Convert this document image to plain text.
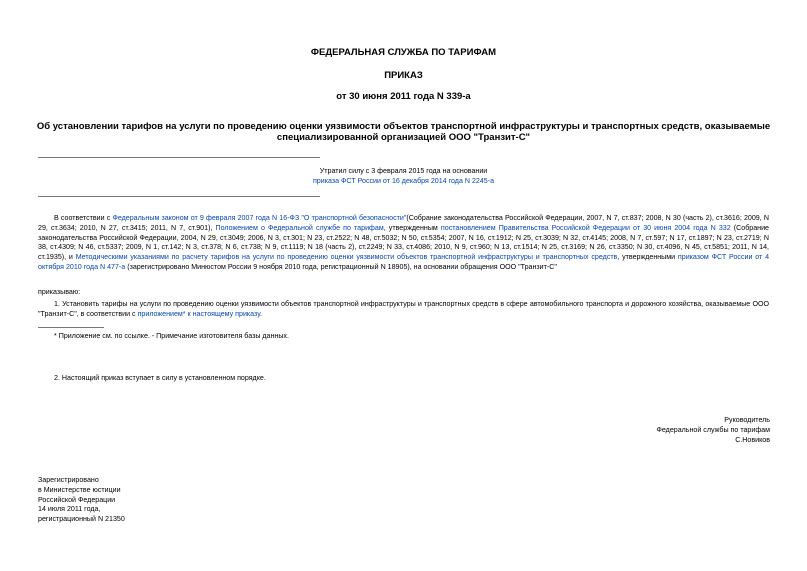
ФЕДЕРАЛЬНАЯ СЛУЖБА ПО ТАРИФАМ
ПРИКАЗ
от 30 июня 2011 года N 339-а
Об установлении тарифов на услуги по проведению оценки уязвимости объектов транспортной инфраструктуры и транспортных средств, оказываемые
специализированной организацией ООО "Транзит-С"
Утратил силу с 3 февраля 2015 года на основании
приказа ФСТ России от 16 декабря 2014 года N 2245-а
В соответствии с Федеральным законом от 9 февраля 2007 года N 16-ФЗ "О транспортной безопасности"(Собрание законодательства Российской Федерации, 2007, N 7, ст.837; 2008, N 30 (часть 2), ст.3616; 2009, N 29, ст.3634; 2010, N 27, ст.3415; 2011, N 7, ст.901), Положением о Федеральной службе по тарифам, утвержденным постановлением Правительства Российской Федерации от 30 июня 2004 года N 332 (Собрание законодательства Российской Федерации, 2004, N 29, ст.3049; 2006, N 3, ст.301; N 23, ст.2522; N 48, ст.5032; N 50, ст.5354; 2007, N 16, ст.1912; N 25, ст.3039; N 32, ст.4145; 2008, N 7, ст.597; N 17, ст.1897; N 23, ст.2719; N 38, ст.4309; N 46, ст.5337; 2009, N 1, ст.142; N 3, ст.378; N 6, ст.738; N 9, ст.1119; N 18 (часть 2), ст.2249; N 33, ст.4086; 2010, N 9, ст.960; N 13, ст.1514; N 25, ст.3169; N 26, ст.3350; N 30, ст.4096, N 45, ст.5851; 2011, N 14, ст.1935), и Методическими указаниями по расчету тарифов на услуги по проведению оценки уязвимости объектов транспортной инфраструктуры и транспортных средств, утвержденными приказом ФСТ России от 4 октября 2010 года N 477-а (зарегистрировано Минюстом России 9 ноября 2010 года, регистрационный N 18905), на основании обращения ООО "Транзит-С"
приказываю:
1. Установить тарифы на услуги по проведению оценки уязвимости объектов транспортной инфраструктуры и транспортных средств в сфере автомобильного транспорта и дорожного хозяйства, оказываемые ООО "Транзит-С", в соответствии с приложением* к настоящему приказу.
* Приложение см. по ссылке. - Примечание изготовителя базы данных.
2. Настоящий приказ вступает в силу в установленном порядке.
Руководитель
Федеральной службы по тарифам
С.Новиков
Зарегистрировано
в Министерстве юстиции
Российской Федерации
14 июля 2011 года,
регистрационный N 21350
